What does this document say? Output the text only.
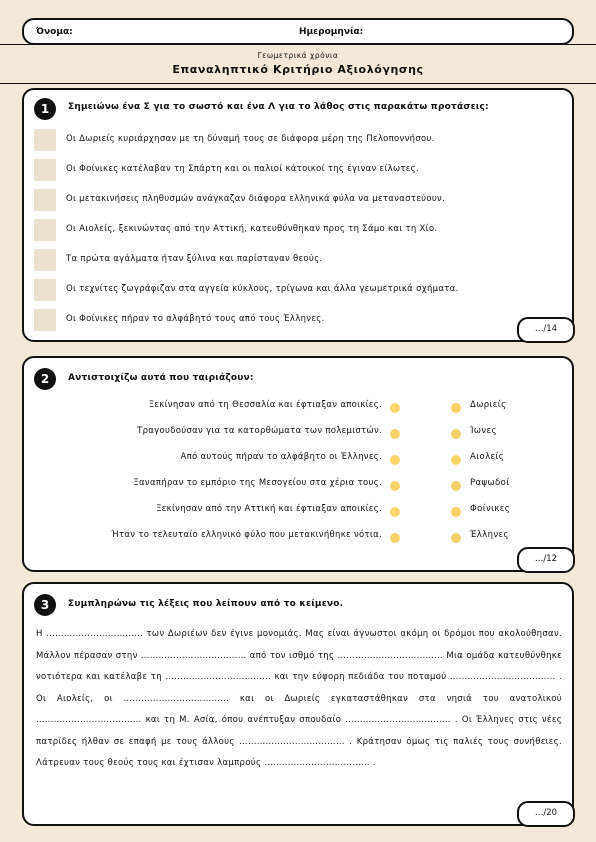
Όνομα:	Ημερομηνία:
Γεωμετρικά χρόνια
Επαναληπτικό Κριτήριο Αξιολόγησης
1	Σημειώνω ένα Σ για το σωστό και ένα Λ για το λάθος στις παρακάτω προτάσεις:
Οι Δωριείς κυριάρχησαν με τη δύναμή τους σε διάφορα μέρη της Πελοποννήσου.
Οι Φοίνικες κατέλαβαν τη Σπάρτη και οι παλιοί κάτοικοί της έγιναν είλωτες.
Οι μετακινήσεις πληθυσμών ανάγκαζαν διάφορα ελληνικά φύλα να μεταναστεύουν.
Οι Αιολείς, ξεκινώντας από την Αττική, κατευθύνθηκαν προς τη Σάμο και τη Χίο.
Τα πρώτα αγάλματα ήταν ξύλινα και παρίσταναν θεούς.
Οι τεχνίτες ζωγράφιζαν στα αγγεία κύκλους, τρίγωνα και άλλα γεωμετρικά σχήματα.
Οι Φοίνικες πήραν το αλφάβητό τους από τους Έλληνες.
…/14
2	Αντιστοιχίζω αυτά που ταιριάζουν:
Ξεκίνησαν από τη Θεσσαλία και έφτιαξαν αποικίες.	Δωριείς
Τραγουδούσαν για τα κατορθώματα των πολεμιστών.	Ίωνες
Από αυτούς πήραν το αλφάβητο οι Έλληνες.	Αιολείς
Ξαναπήραν το εμπόριο της Μεσογείου στα χέρια τους.	Ραψωδοί
Ξεκίνησαν από την Αττική και έφτιαξαν αποικίες.	Φοίνικες
Ήταν το τελευταίο ελληνικό φύλο που μετακινήθηκε νότια.	Έλληνες
…/12
3	Συμπληρώνω τις λέξεις που λείπουν από το κείμενο.
Η …………………………… των Δωριέων δεν έγινε μονομιάς. Μας είναι άγνωστοι ακόμη οι δρόμοι που ακολούθησαν. Μάλλον πέρασαν στην ……………………………… από τον ισθμό της ……………………………… Μια ομάδα κατευθύνθηκε νοτιότερα και κατέλαβε τη ……………………………… και την εύφορη πεδιάδα του ποταμού ……………………………… . Οι Αιολείς, οι ……………………………… και οι Δωριείς εγκαταστάθηκαν στα νησιά του ανατολικού ……………………………… και τη Μ. Ασία, όπου ανέπτυξαν σπουδαίο ……………………………… . Οι Έλληνες στις νέες πατρίδες ήλθαν σε επαφή με τους άλλους ……………………………… . Κράτησαν όμως τις παλιές τους συνήθειες. Λάτρευαν τους θεούς τους και έχτισαν λαμπρούς ……………………………… .
…/20
